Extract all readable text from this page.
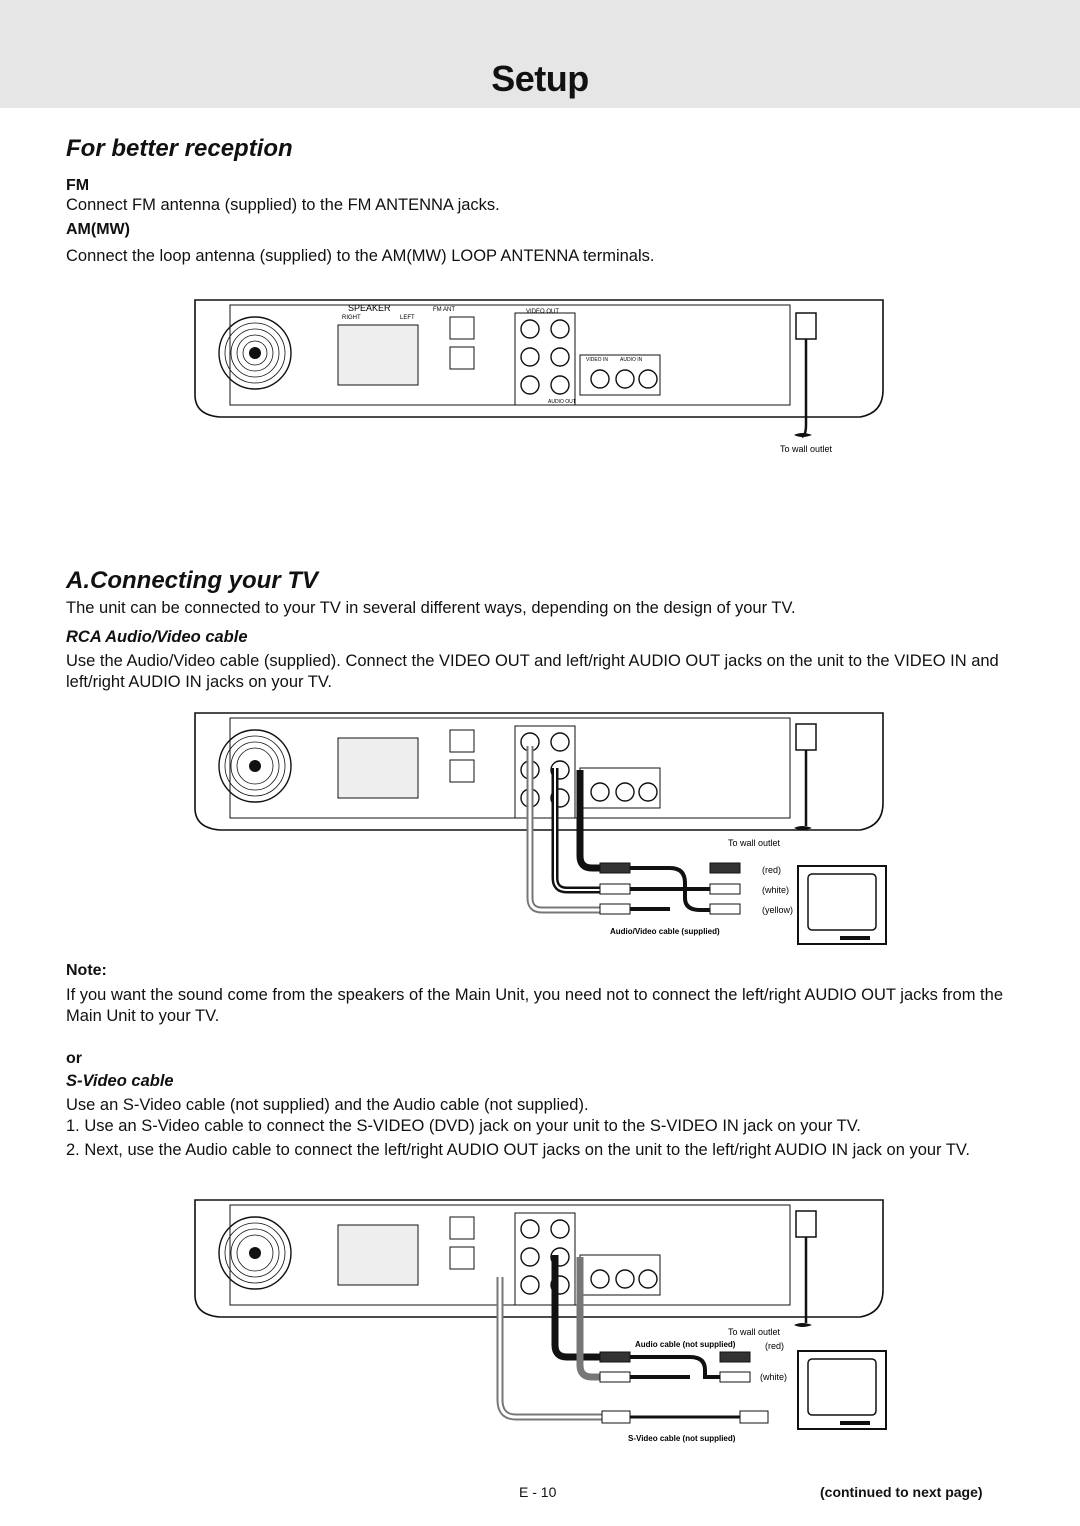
Setup
For better reception
FM
Connect FM antenna (supplied) to the FM ANTENNA jacks.
AM(MW)
Connect the loop antenna (supplied) to the AM(MW) LOOP ANTENNA terminals.
SPEAKER
RIGHT	LEFT
FM ANT	VIDEO OUT
VIDEO IN AUDIO IN
AUDIO OUT
To wall outlet
A.Connecting your TV
The unit can be connected to your TV in several different ways, depending on the design of your TV.
RCA Audio/Video cable
Use the Audio/Video cable (supplied). Connect the VIDEO OUT and left/right AUDIO OUT jacks on the unit to the VIDEO IN and left/right AUDIO IN jacks on your TV.
To wall outlet
(red)
(white)
(yellow)
Audio/Video cable (supplied)
Note:
If you want the sound come from the speakers of the Main Unit, you need not to connect the left/right AUDIO OUT jacks from the Main Unit to your TV.
or
S-Video cable
Use an S-Video cable (not supplied) and the Audio cable (not supplied).
1. Use an S-Video cable to connect the S-VIDEO (DVD) jack on your unit to the S-VIDEO IN jack on your TV.
2. Next, use the Audio cable to connect the left/right AUDIO OUT jacks on the unit to the left/right AUDIO IN jack on your TV.
To wall outlet
Audio cable (not supplied)	(red)
(white)
S-Video cable (not supplied)
E - 10	(continued to next page)
